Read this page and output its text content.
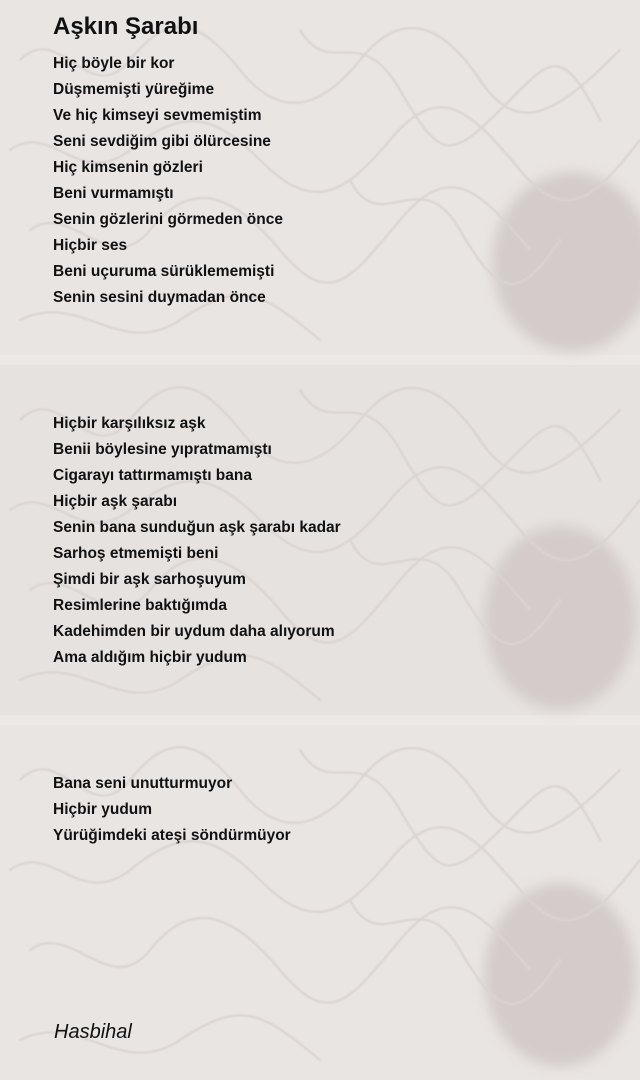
Aşkın Şarabı
Hiç böyle bir kor
Düşmemişti yüreğime
Ve hiç kimseyi sevmemiştim
Seni sevdiğim gibi ölürcesine
Hiç kimsenin gözleri
Beni vurmamıştı
Senin gözlerini görmeden önce
Hiçbir ses
Beni uçuruma sürüklememişti
Senin sesini duymadan önce
Hiçbir karşılıksız aşk
Benii böylesine yıpratmamıştı
Cigarayı tattırmamıştı bana
Hiçbir aşk şarabı
Senin bana sunduğun aşk şarabı kadar
Sarhoş etmemişti beni
Şimdi bir aşk sarhoşuyum
Resimlerine baktığımda
Kadehimden bir uydum daha alıyorum
Ama aldığım hiçbir yudum
Bana seni unutturmuyor
Hiçbir yudum
Yürüğimdeki ateşi söndürmüyor
Hasbihal
